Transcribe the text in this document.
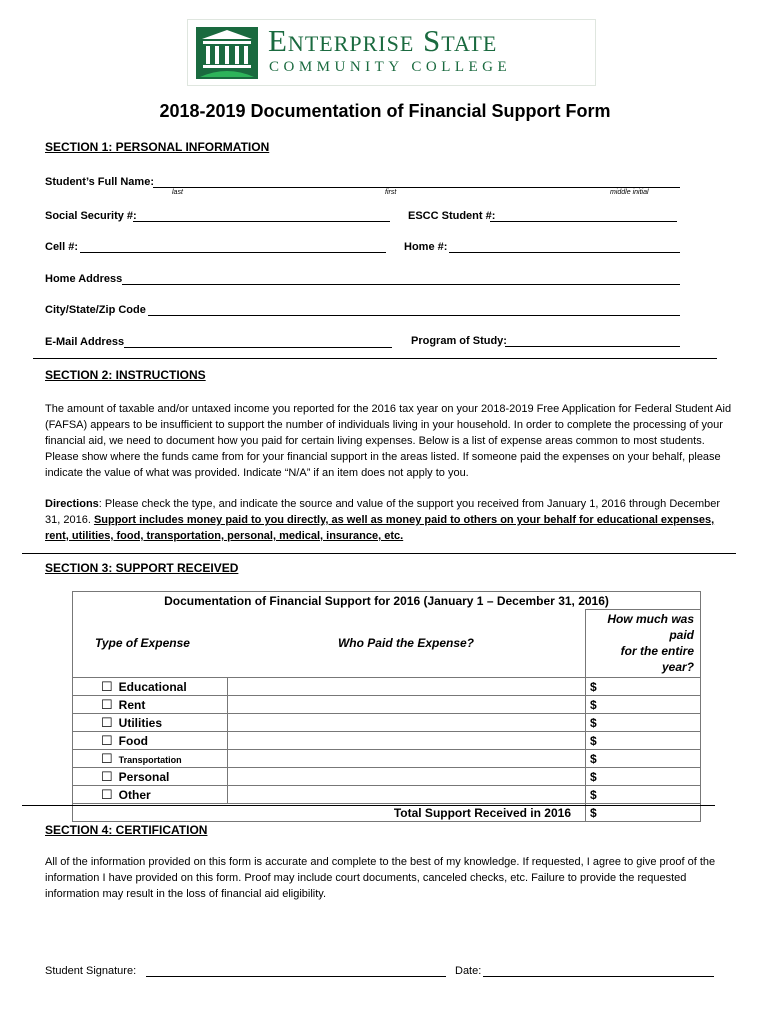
Enterprise State
COMMUNITY COLLEGE
2018-2019 Documentation of Financial Support Form
SECTION 1: PERSONAL INFORMATION
Student’s Full Name:
last	first	middle initial
Social Security #:	ESCC Student #:
Cell #:	Home #:
Home Address
City/State/Zip Code
E-Mail Address	Program of Study:
SECTION 2: INSTRUCTIONS
The amount of taxable and/or untaxed income you reported for the 2016 tax year on your 2018-2019 Free Application for Federal Student Aid (FAFSA) appears to be insufficient to support the number of individuals living in your household. In order to complete the processing of your financial aid, we need to document how you paid for certain living expenses. Below is a list of expense areas common to most students. Please show where the funds came from for your financial support in the areas listed. If someone paid the expenses on your behalf, please indicate the value of what was provided. Indicate “N/A” if an item does not apply to you.
Directions: Please check the type, and indicate the source and value of the support you received from January 1, 2016 through December 31, 2016. Support includes money paid to you directly, as well as money paid to others on your behalf for educational expenses, rent, utilities, food, transportation, personal, medical, insurance, etc.
SECTION 3: SUPPORT RECEIVED
Documentation of Financial Support for 2016 (January 1 – December 31, 2016)		
Type of Expense	Who Paid the Expense?	How much was paid
for the entire year?
☐ Educational		$
☐ Rent		$
☐ Utilities		$
☐ Food		$
☐ Transportation		$
☐ Personal		$
☐ Other		$
Total Support Received in 2016		$
SECTION 4: CERTIFICATION
All of the information provided on this form is accurate and complete to the best of my knowledge. If requested, I agree to give proof of the information I have provided on this form. Proof may include court documents, canceled checks, etc. Failure to provide the requested information may result in the loss of financial aid eligibility.
Student Signature:	Date:
